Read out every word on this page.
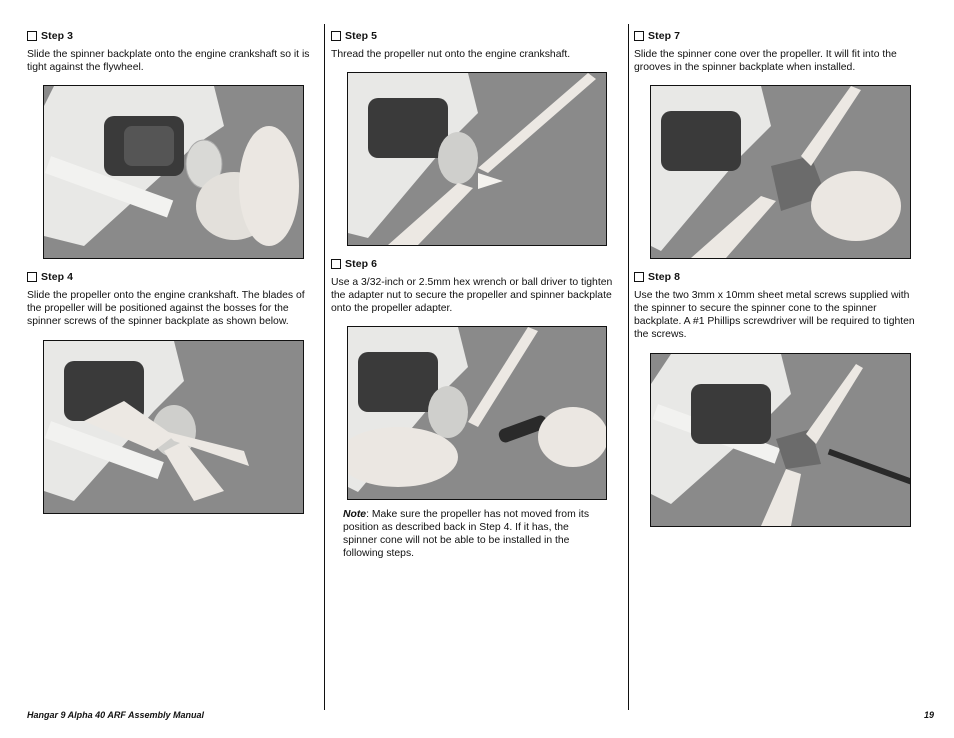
Step 3
Slide the spinner backplate onto the engine crankshaft so it is tight against the flywheel.
Step 4
Slide the propeller onto the engine crankshaft. The blades of the propeller will be positioned against the bosses for the spinner screws of the spinner backplate as shown below.
Step 5
Thread the propeller nut onto the engine crankshaft.
Step 6
Use a 3/32-inch or 2.5mm hex wrench or ball driver to tighten the adapter nut to secure the propeller and spinner backplate onto the propeller adapter.
Note: Make sure the propeller has not moved from its position as described back in Step 4. If it has, the spinner cone will not be able to be installed in the following steps.
Step 7
Slide the spinner cone over the propeller. It will fit into the grooves in the spinner backplate when installed.
Step 8
Use the two 3mm x 10mm sheet metal screws supplied with the spinner to secure the spinner cone to the spinner backplate. A #1 Phillips screwdriver will be required to tighten the screws.
Hangar 9 Alpha 40 ARF Assembly Manual	19
